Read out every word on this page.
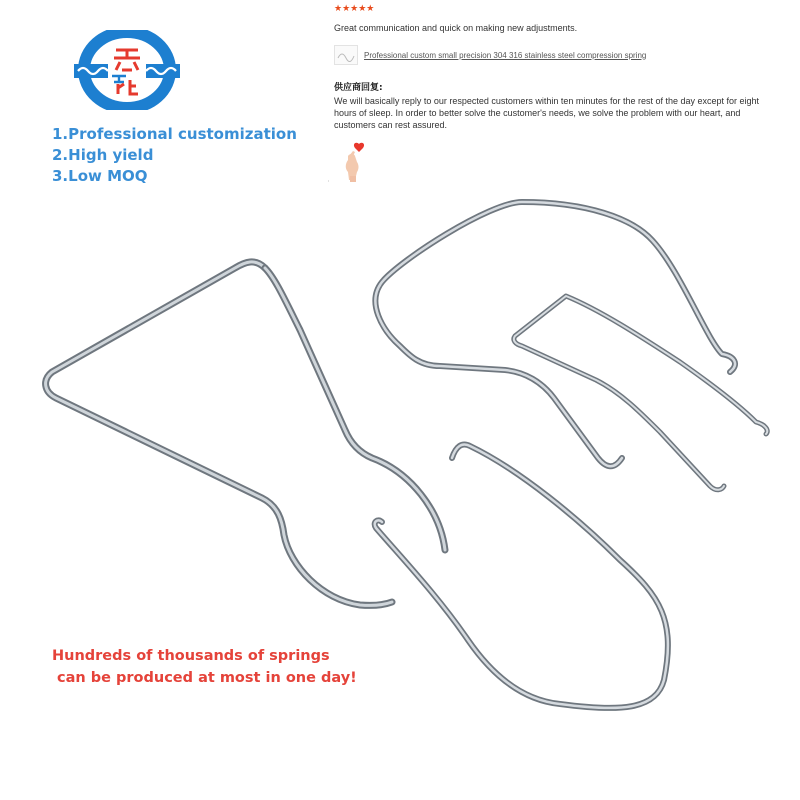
1.Professional customization
2.High yield
3.Low MOQ
★★★★★
Great communication and quick on making new adjustments.
Professional custom small precision 304 316 stainless steel compression spring
供应商回复:
We will basically reply to our respected customers within ten minutes for the rest of the day except for eight hours of sleep. In order to better solve the customer's needs, we solve the problem with our heart, and customers can rest assured.

Hundreds of thousands of springs
can be produced at most in one day!
